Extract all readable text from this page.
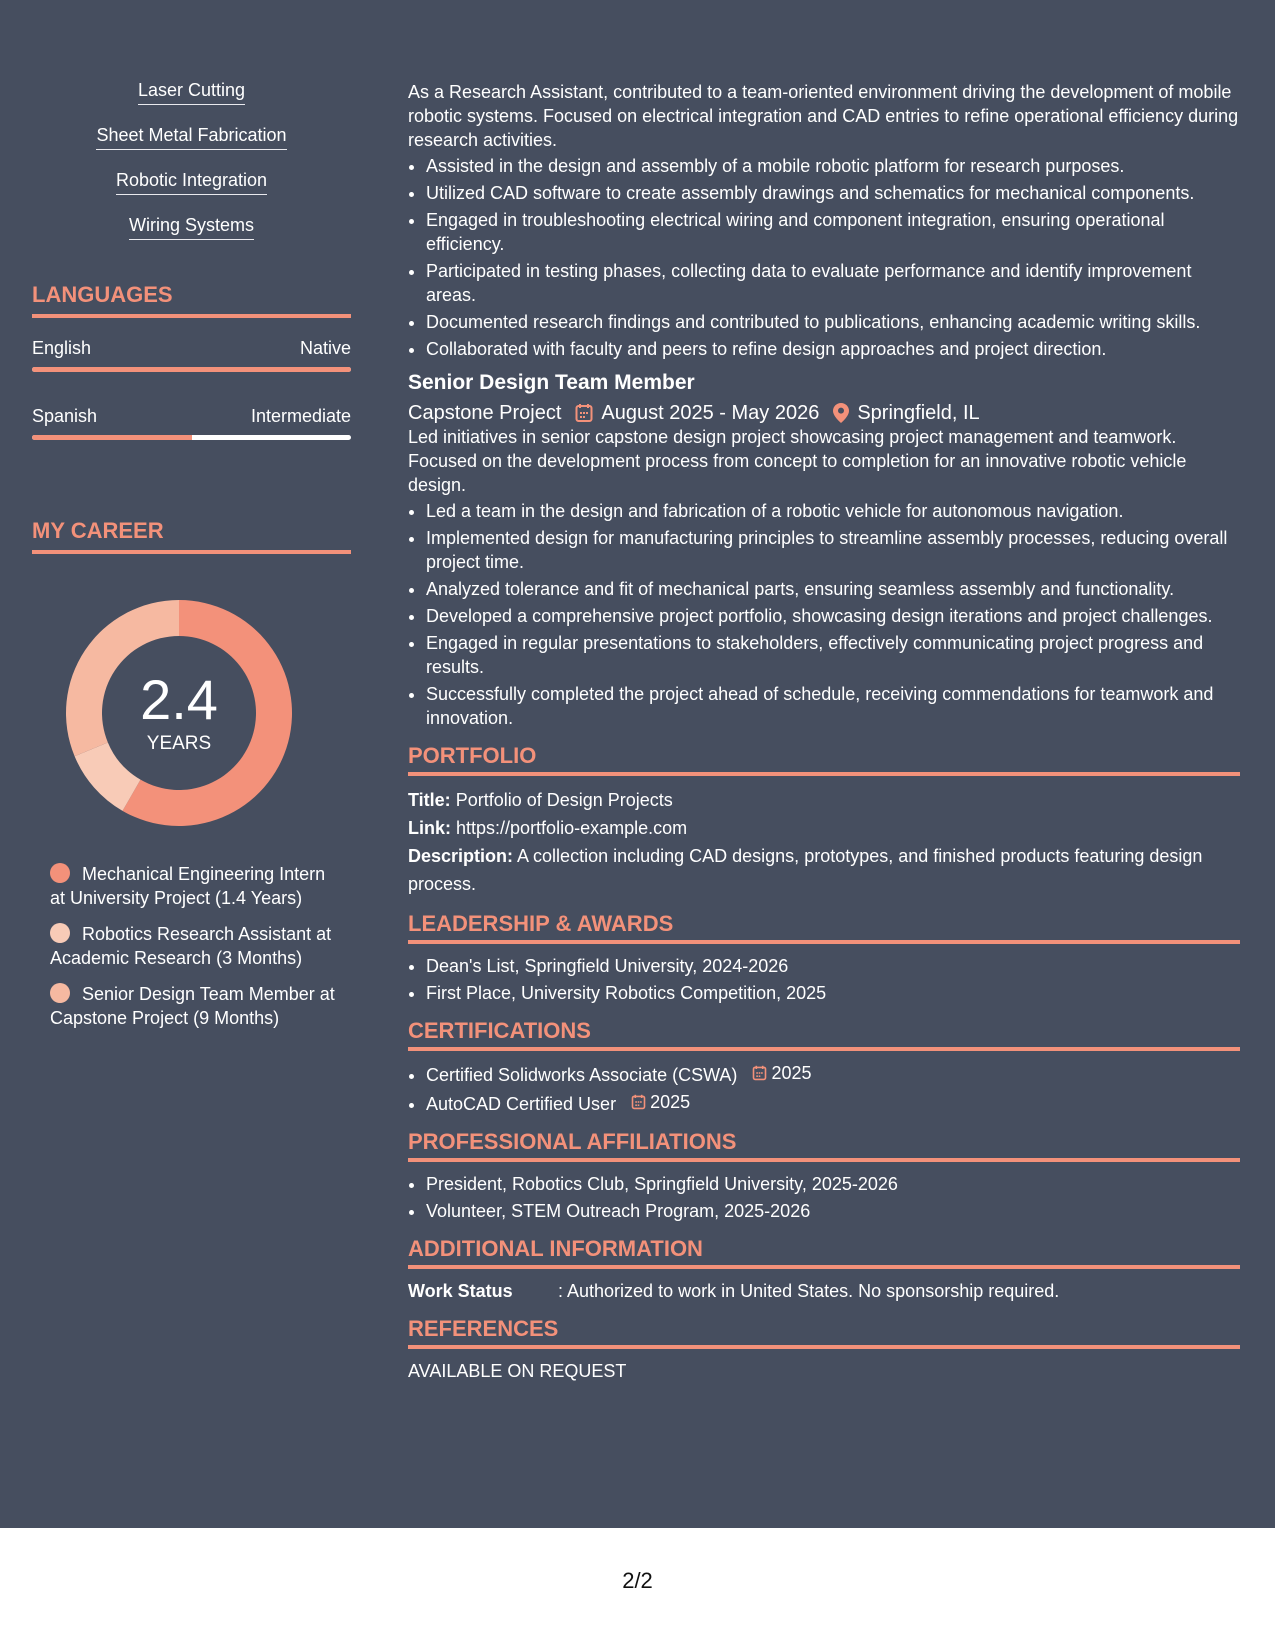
Laser Cutting
Sheet Metal Fabrication
Robotic Integration
Wiring Systems
LANGUAGES
English	Native
Spanish	Intermediate
MY CAREER
2.4
YEARS
Mechanical Engineering Intern at University Project (1.4 Years)
Robotics Research Assistant at Academic Research (3 Months)
Senior Design Team Member at Capstone Project (9 Months)

As a Research Assistant, contributed to a team-oriented environment driving the development of mobile robotic systems. Focused on electrical integration and CAD entries to refine operational efficiency during research activities.

• Assisted in the design and assembly of a mobile robotic platform for research purposes.
• Utilized CAD software to create assembly drawings and schematics for mechanical components.
• Engaged in troubleshooting electrical wiring and component integration, ensuring operational efficiency.
• Participated in testing phases, collecting data to evaluate performance and identify improvement areas.
• Documented research findings and contributed to publications, enhancing academic writing skills.
• Collaborated with faculty and peers to refine design approaches and project direction.
Senior Design Team Member
Capstone Project August 2025 - May 2026 Springfield, IL

Led initiatives in senior capstone design project showcasing project management and teamwork. Focused on the development process from concept to completion for an innovative robotic vehicle design.

• Led a team in the design and fabrication of a robotic vehicle for autonomous navigation.
• Implemented design for manufacturing principles to streamline assembly processes, reducing overall project time.
• Analyzed tolerance and fit of mechanical parts, ensuring seamless assembly and functionality.
• Developed a comprehensive project portfolio, showcasing design iterations and project challenges.
• Engaged in regular presentations to stakeholders, effectively communicating project progress and results.
• Successfully completed the project ahead of schedule, receiving commendations for teamwork and innovation.
PORTFOLIO
Title: Portfolio of Design Projects
Link: https://portfolio-example.com
Description: A collection including CAD designs, prototypes, and finished products featuring design process.
LEADERSHIP & AWARDS
• Dean's List, Springfield University, 2024-2026
• First Place, University Robotics Competition, 2025
CERTIFICATIONS
• Certified Solidworks Associate (CSWA) 2025
• AutoCAD Certified User 2025
PROFESSIONAL AFFILIATIONS
• President, Robotics Club, Springfield University, 2025-2026
• Volunteer, STEM Outreach Program, 2025-2026
ADDITIONAL INFORMATION
Work Status	: Authorized to work in United States. No sponsorship required.
REFERENCES
AVAILABLE ON REQUEST
2/2
